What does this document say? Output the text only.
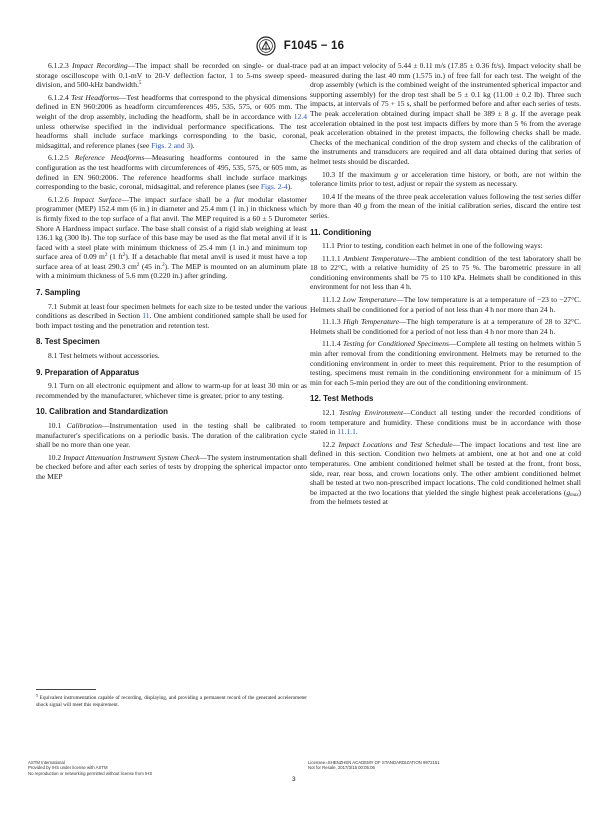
F1045 − 16

6.1.2.3 Impact Recording—The impact shall be recorded on single- or dual-trace storage oscilloscope with 0.1-mV to 20-V deflection factor, 1 to 5-ms sweep speed-division, and 500-kHz bandwidth.$^5$

6.1.2.4 Test Headforms—Test headforms that correspond to the physical dimensions defined in EN 960:2006 as headform circumferences 495, 535, 575, or 605 mm. The weight of the drop assembly, including the headform, shall be in accordance with 12.4 unless otherwise specified in the individual performance specifications. The test headforms shall include surface markings corresponding to the basic, coronal, midsagittal, and reference planes (see Figs. 2 and 3).

6.1.2.5 Reference Headforms—Measuring headforms contoured in the same configuration as the test headforms with circumferences of 495, 535, 575, or 605 mm, as defined in EN 960:2006. The reference headforms shall include surface markings corresponding to the basic, coronal, midsagittal, and reference planes (see Figs. 2-4).

6.1.2.6 Impact Surface—The impact surface shall be a flat modular elastomer programmer (MEP) 152.4 mm (6 in.) in diameter and 25.4 mm (1 in.) in thickness which is firmly fixed to the top surface of a flat anvil. The MEP required is a 60 ± 5 Durometer Shore A Hardness impact surface. The base shall consist of a rigid slab weighing at least 136.1 kg (300 lb). The top surface of this base may be used as the flat metal anvil if it is faced with a steel plate with minimum thickness of 25.4 mm (1 in.) and minimum top surface area of 0.09 $m^2$ (1 $ft^2$). If a detachable flat metal anvil is used it must have a top surface area of at least 290.3 $cm^2$ (45 in.$^2$). The MEP is mounted on an aluminum plate with a minimum thickness of 5.6 mm (0.220 in.) after grinding.

7. Sampling

7.1 Submit at least four specimen helmets for each size to be tested under the various conditions as described in Section 11. One ambient conditioned sample shall be used for both impact testing and the penetration and retention test.

8. Test Specimen

8.1 Test helmets without accessories.

9. Preparation of Apparatus

9.1 Turn on all electronic equipment and allow to warm-up for at least 30 min or as recommended by the manufacturer, whichever time is greater, prior to any testing.

10. Calibration and Standardization

10.1 Calibration—Instrumentation used in the testing shall be calibrated to manufacturer's specifications on a periodic basis. The duration of the calibration cycle shall be no more than one year.

10.2 Impact Attenuation Instrument System Check—The system instrumentation shall be checked before and after each series of tests by dropping the spherical impactor onto the MEP

$^5$ Equivalent instrumentation capable of recording, displaying, and providing a permanent record of the generated accelerometer shock signal will meet this requirement.

pad at an impact velocity of 5.44 ± 0.11 m/s (17.85 ± 0.36 ft/s). Impact velocity shall be measured during the last 40 mm (1.575 in.) of free fall for each test. The weight of the drop assembly (which is the combined weight of the instrumented spherical impactor and supporting assembly) for the drop test shall be 5 ± 0.1 kg (11.00 ± 0.2 lb). Three such impacts, at intervals of 75 + 15 s, shall be performed before and after each series of tests. The peak acceleration obtained during impact shall be 389 ± 8 g. If the average peak acceleration obtained in the post test impacts differs by more than 5 % from the average peak acceleration obtained in the pretest impacts, the following checks shall be made. Checks of the mechanical condition of the drop system and checks of the calibration of the instruments and transducers are required and all data obtained during that series of helmet tests should be discarded.

10.3 If the maximum g or acceleration time history, or both, are not within the tolerance limits prior to test, adjust or repair the system as necessary.

10.4 If the means of the three peak acceleration values following the test series differ by more than 40 g from the mean of the initial calibration series, discard the entire test series.

11. Conditioning

11.1 Prior to testing, condition each helmet in one of the following ways:

11.1.1 Ambient Temperature—The ambient condition of the test laboratory shall be 18 to 22°C, with a relative humidity of 25 to 75 %. The barometric pressure in all conditioning environments shall be 75 to 110 kPa. Helmets shall be conditioned in this environment for not less than 4 h.

11.1.2 Low Temperature—The low temperature is at a temperature of −23 to −27°C. Helmets shall be conditioned for a period of not less than 4 h nor more than 24 h.

11.1.3 High Temperature—The high temperature is at a temperature of 28 to 32°C. Helmets shall be conditioned for a period of not less than 4 h nor more than 24 h.

11.1.4 Testing for Conditioned Specimens—Complete all testing on helmets within 5 min after removal from the conditioning environment. Helmets may be returned to the conditioning environment in order to meet this requirement. Prior to the resumption of testing, specimens must remain in the conditioning environment for a minimum of 15 min for each 5-min period they are out of the conditioning environment.

12. Test Methods

12.1 Testing Environment—Conduct all testing under the recorded conditions of room temperature and humidity. These conditions must be in accordance with those stated in 11.1.1.

12.2 Impact Locations and Test Schedule—The impact locations and test line are defined in this section. Condition two helmets at ambient, one at hot and one at cold temperatures. One ambient conditioned helmet shall be tested at the front, front boss, side, rear, rear boss, and crown locations only. The other ambient conditioned helmet shall be tested at two non-prescribed impact locations. The cold conditioned helmet shall be impacted at the two locations that yielded the single highest peak accelerations $(g_{max})$ from the helmets tested at

ASTM International
Provided by IHS under license with ASTM
No reproduction or networking permitted without license from IHS
Licensee=SHENZHEN ACADEMY OF STANDARDIZATION 9972151
Not for Resale, 2017/3/15 00:05:06
3
